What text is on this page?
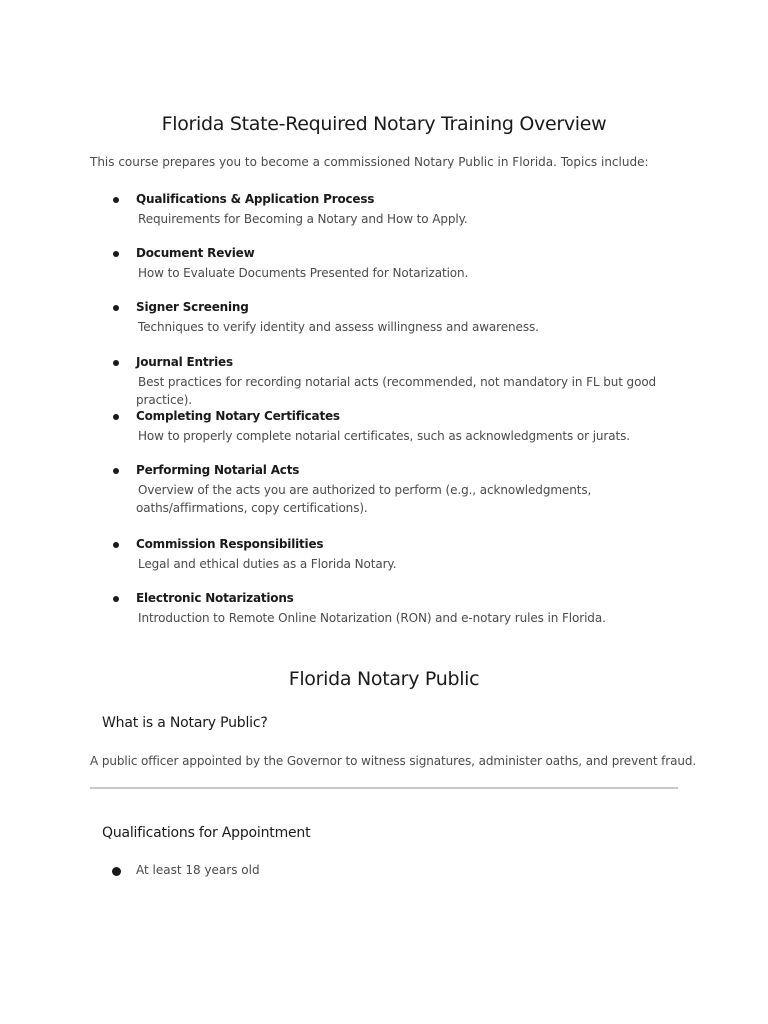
Florida State-Required Notary Training Overview

This course prepares you to become a commissioned Notary Public in Florida. Topics include:

Qualifications & Application Process
Requirements for Becoming a Notary and How to Apply.
Document Review
How to Evaluate Documents Presented for Notarization.
Signer Screening
Techniques to verify identity and assess willingness and awareness.
Journal Entries
Best practices for recording notarial acts (recommended, not mandatory in FL but good practice).
Completing Notary Certificates
How to properly complete notarial certificates, such as acknowledgments or jurats.
Performing Notarial Acts
Overview of the acts you are authorized to perform (e.g., acknowledgments, oaths/affirmations, copy certifications).
Commission Responsibilities
Legal and ethical duties as a Florida Notary.
Electronic Notarizations
Introduction to Remote Online Notarization (RON) and e-notary rules in Florida.
Florida Notary Public
What is a Notary Public?

A public officer appointed by the Governor to witness signatures, administer oaths, and prevent fraud.

Qualifications for Appointment
At least 18 years old
